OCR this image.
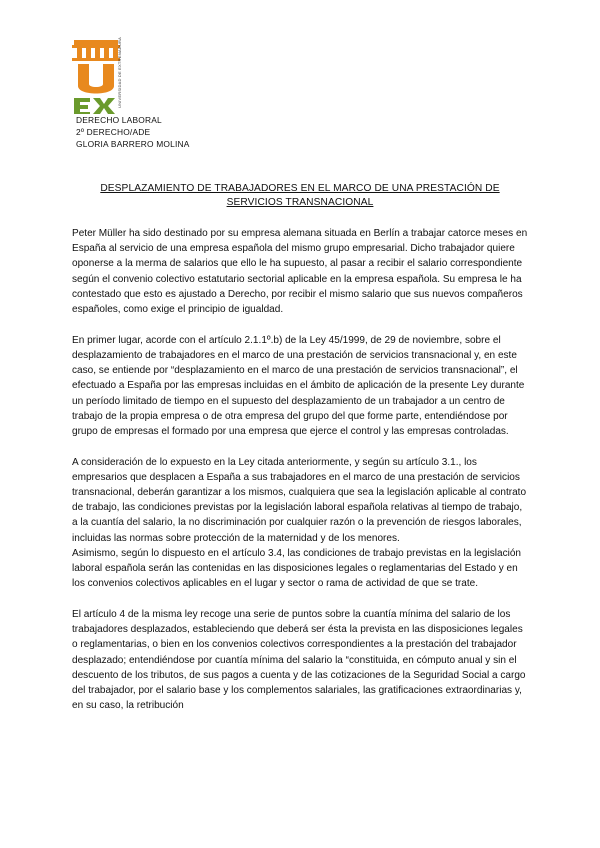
UNIVERSIDAD DE EXTREMADURA
DERECHO LABORAL
2º DERECHO/ADE
GLORIA BARRERO MOLINA
DESPLAZAMIENTO DE TRABAJADORES EN EL MARCO DE UNA PRESTACIÓN DE SERVICIOS TRANSNACIONAL

Peter Müller ha sido destinado por su empresa alemana situada en Berlín a trabajar catorce meses en España al servicio de una empresa española del mismo grupo empresarial. Dicho trabajador quiere oponerse a la merma de salarios que ello le ha supuesto, al pasar a recibir el salario correspondiente según el convenio colectivo estatutario sectorial aplicable en la empresa española. Su empresa le ha contestado que esto es ajustado a Derecho, por recibir el mismo salario que sus nuevos compañeros españoles, como exige el principio de igualdad.

En primer lugar, acorde con el artículo 2.1.1º.b) de la Ley 45/1999, de 29 de noviembre, sobre el desplazamiento de trabajadores en el marco de una prestación de servicios transnacional y, en este caso, se entiende por “desplazamiento en el marco de una prestación de servicios transnacional”, el efectuado a España por las empresas incluidas en el ámbito de aplicación de la presente Ley durante un período limitado de tiempo en el supuesto del desplazamiento de un trabajador a un centro de trabajo de la propia empresa o de otra empresa del grupo del que forme parte, entendiéndose por grupo de empresas el formado por una empresa que ejerce el control y las empresas controladas.

A consideración de lo expuesto en la Ley citada anteriormente, y según su artículo 3.1., los empresarios que desplacen a España a sus trabajadores en el marco de una prestación de servicios transnacional, deberán garantizar a los mismos, cualquiera que sea la legislación aplicable al contrato de trabajo, las condiciones previstas por la legislación laboral española relativas al tiempo de trabajo, a la cuantía del salario, la no discriminación por cualquier razón o la prevención de riesgos laborales, incluidas las normas sobre protección de la maternidad y de los menores.

Asimismo, según lo dispuesto en el artículo 3.4, las condiciones de trabajo previstas en la legislación laboral española serán las contenidas en las disposiciones legales o reglamentarias del Estado y en los convenios colectivos aplicables en el lugar y sector o rama de actividad de que se trate.

El artículo 4 de la misma ley recoge una serie de puntos sobre la cuantía mínima del salario de los trabajadores desplazados, estableciendo que deberá ser ésta la prevista en las disposiciones legales o reglamentarias, o bien en los convenios colectivos correspondientes a la prestación del trabajador desplazado; entendiéndose por cuantía mínima del salario la “constituida, en cómputo anual y sin el descuento de los tributos, de sus pagos a cuenta y de las cotizaciones de la Seguridad Social a cargo del trabajador, por el salario base y los complementos salariales, las gratificaciones extraordinarias y, en su caso, la retribución
